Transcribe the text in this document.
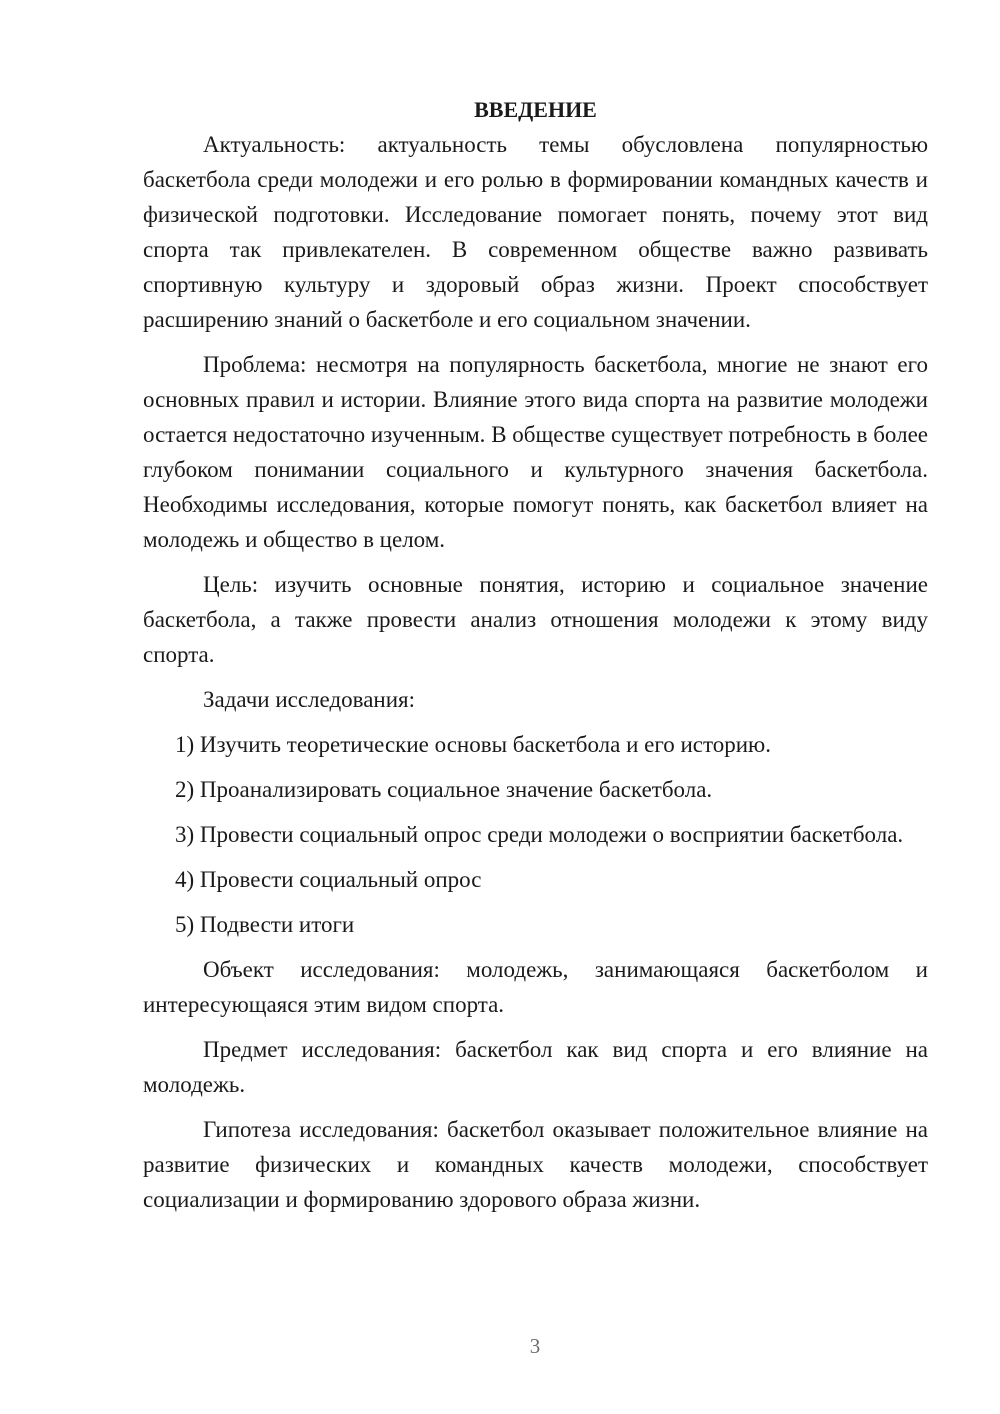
ВВЕДЕНИЕ

Актуальность: актуальность темы обусловлена популярностью баскетбола среди молодежи и его ролью в формировании командных качеств и физической подготовки. Исследование помогает понять, почему этот вид спорта так привлекателен. В современном обществе важно развивать спортивную культуру и здоровый образ жизни. Проект способствует расширению знаний о баскетболе и его социальном значении.

Проблема: несмотря на популярность баскетбола, многие не знают его основных правил и истории. Влияние этого вида спорта на развитие молодежи остается недостаточно изученным. В обществе существует потребность в более глубоком понимании социального и культурного значения баскетбола. Необходимы исследования, которые помогут понять, как баскетбол влияет на молодежь и общество в целом.

Цель: изучить основные понятия, историю и социальное значение баскетбола, а также провести анализ отношения молодежи к этому виду спорта.

Задачи исследования:

1) Изучить теоретические основы баскетбола и его историю.

2) Проанализировать социальное значение баскетбола.

3) Провести социальный опрос среди молодежи о восприятии баскетбола.

4) Провести социальный опрос

5) Подвести итоги

Объект исследования: молодежь, занимающаяся баскетболом и интересующаяся этим видом спорта.

Предмет исследования: баскетбол как вид спорта и его влияние на молодежь.

Гипотеза исследования: баскетбол оказывает положительное влияние на развитие физических и командных качеств молодежи, способствует социализации и формированию здорового образа жизни.

3
